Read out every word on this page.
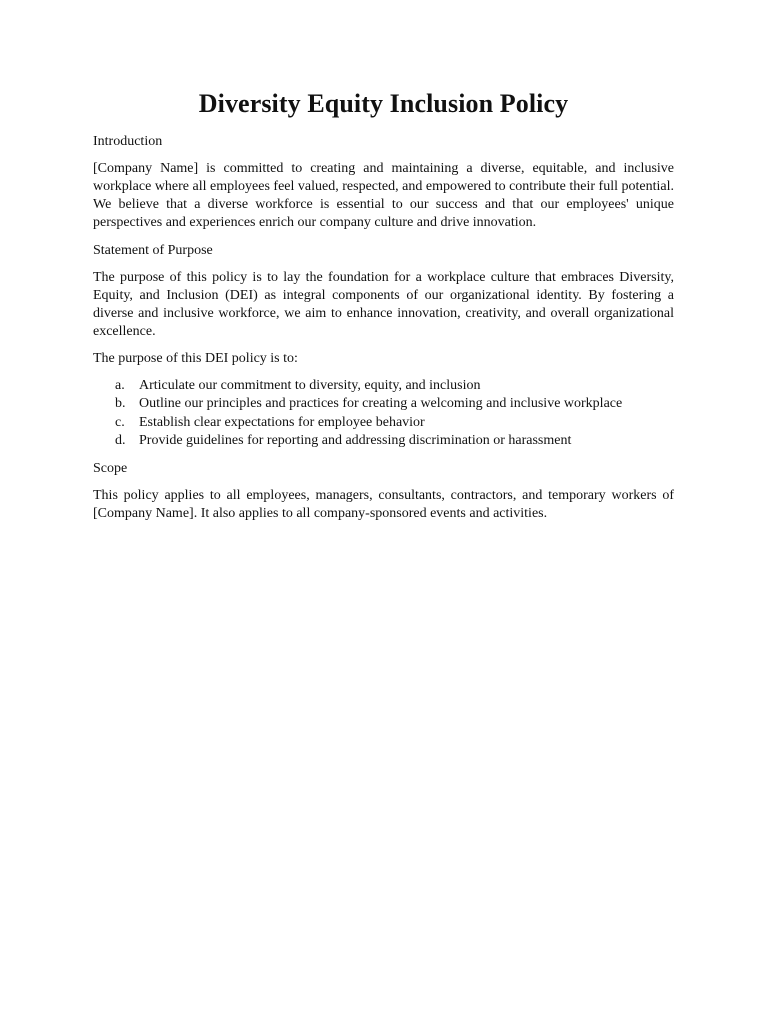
Diversity Equity Inclusion Policy

Introduction

[Company Name] is committed to creating and maintaining a diverse, equitable, and inclusive workplace where all employees feel valued, respected, and empowered to contribute their full potential. We believe that a diverse workforce is essential to our success and that our employees' unique perspectives and experiences enrich our company culture and drive innovation.

Statement of Purpose

The purpose of this policy is to lay the foundation for a workplace culture that embraces Diversity, Equity, and Inclusion (DEI) as integral components of our organizational identity. By fostering a diverse and inclusive workforce, we aim to enhance innovation, creativity, and overall organizational excellence.

The purpose of this DEI policy is to:

a.	Articulate our commitment to diversity, equity, and inclusion
b. Outline our principles and practices for creating a welcoming and inclusive workplace
c.	Establish clear expectations for employee behavior
d. Provide guidelines for reporting and addressing discrimination or harassment

Scope

This policy applies to all employees, managers, consultants, contractors, and temporary workers of [Company Name]. It also applies to all company-sponsored events and activities.
